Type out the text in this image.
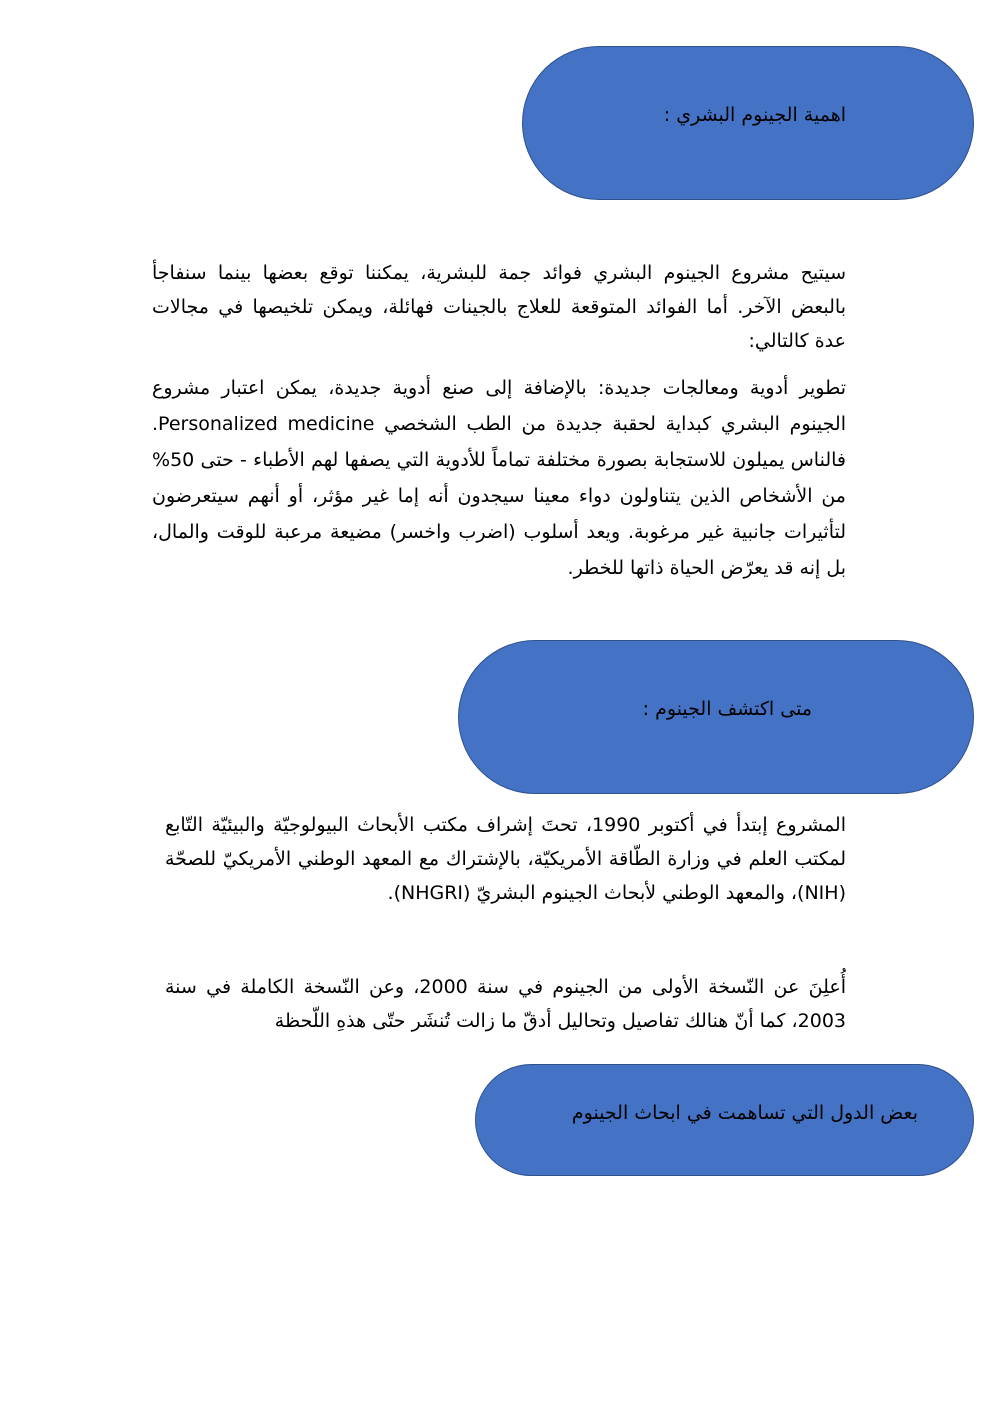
اهمية الجينوم البشري :

سيتيح مشروع الجينوم البشري فوائد جمة للبشرية، يمكننا توقع بعضها بينما سنفاجأ بالبعض الآخر. أما الفوائد المتوقعة للعلاج بالجينات فهائلة، ويمكن تلخيصها في مجالات عدة كالتالي:

تطوير أدوية ومعالجات جديدة: بالإضافة إلى صنع أدوية جديدة، يمكن اعتبار مشروع الجينوم البشري كبداية لحقبة جديدة من الطب الشخصي Personalized medicine. فالناس يميلون للاستجابة بصورة مختلفة تماماً للأدوية التي يصفها لهم الأطباء - حتى 50% من الأشخاص الذين يتناولون دواء معينا سيجدون أنه إما غير مؤثر، أو أنهم سيتعرضون لتأثيرات جانبية غير مرغوبة. ويعد أسلوب (اضرب واخسر) مضيعة مرعبة للوقت والمال، بل إنه قد يعرّض الحياة ذاتها للخطر.

متى اكتشف الجينوم :

المشروع إبتدأ في أكتوبر 1990، تحتَ إشراف مكتب الأبحاث البيولوجيّة والبيئيّة التّابع لمكتب العلم في وزارة الطّاقة الأمريكيّة، بالإشتراك مع المعهد الوطني الأمريكيّ للصحّة (NIH)، والمعهد الوطني لأبحاث الجينوم البشريّ (NHGRI).

أُعلِنَ عن النّسخة الأولى من الجينوم في سنة 2000، وعن النّسخة الكاملة في سنة 2003، كما أنّ هنالك تفاصيل وتحاليل أدقّ ما زالت تُنشَر حتّى هذهِ اللّحظة

بعض الدول التي تساهمت في ابحاث الجينوم
